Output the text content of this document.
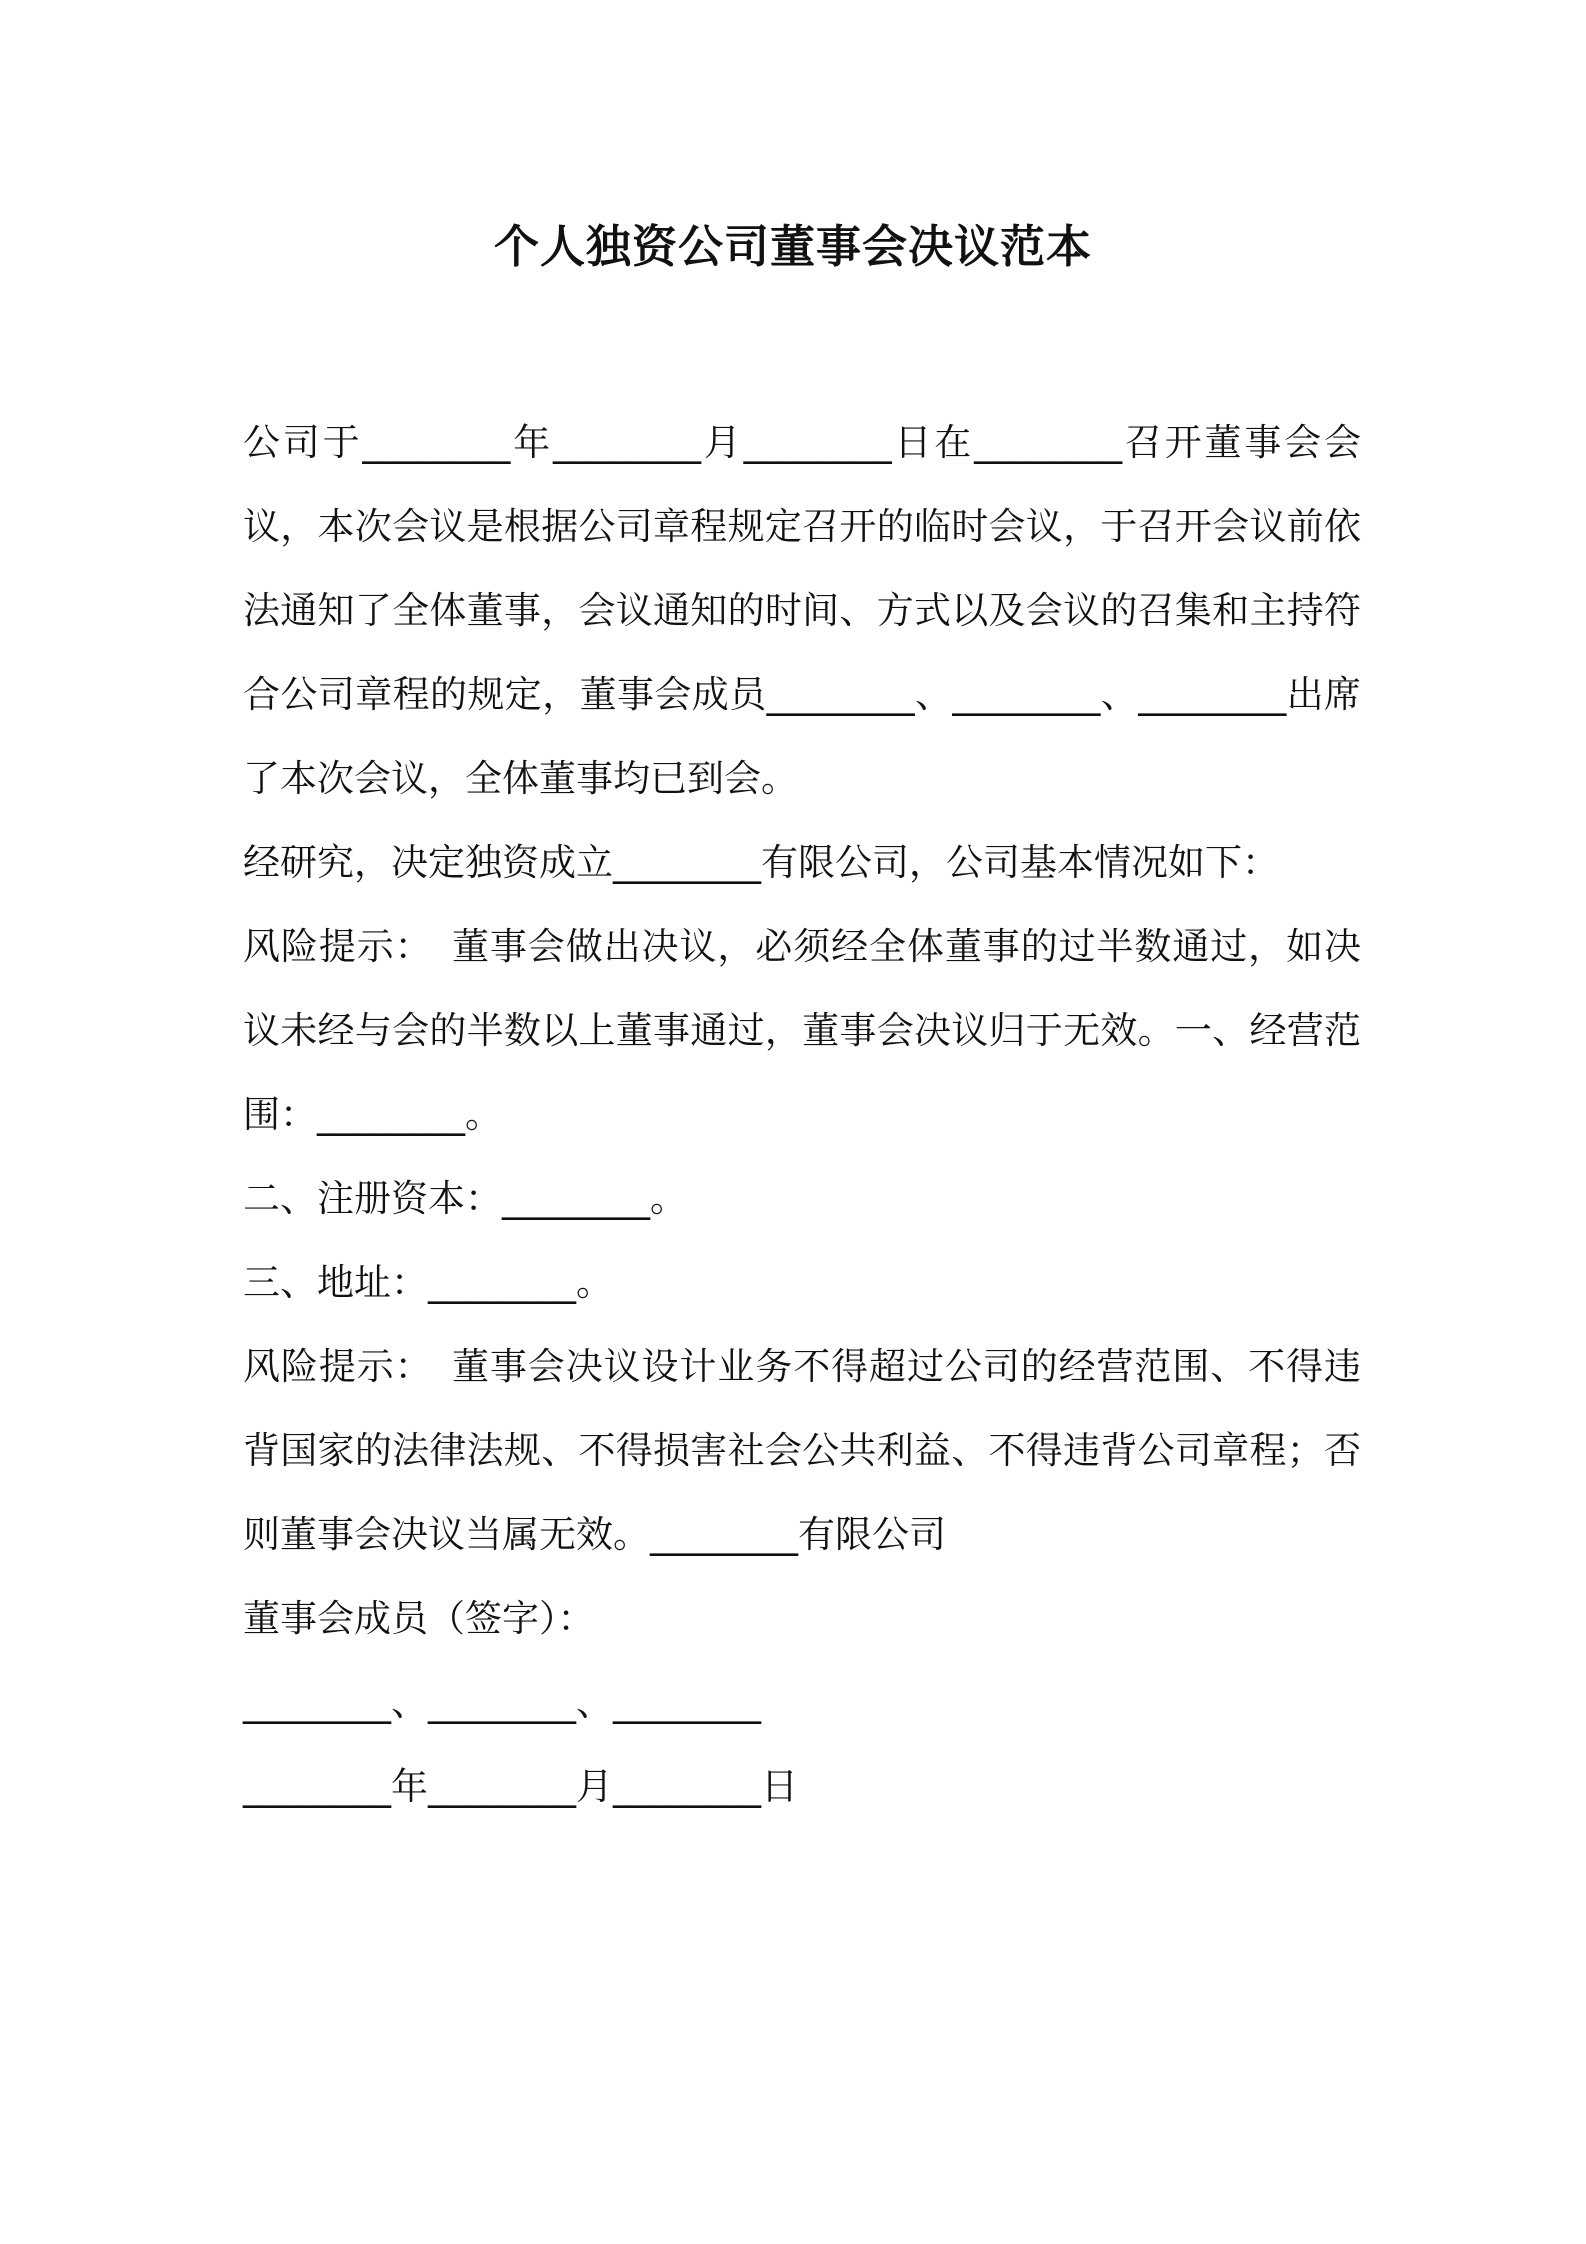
个人独资公司董事会决议范本

公司于________年________月________日在________召开董事会会议，本次会议是根据公司章程规定召开的临时会议，于召开会议前依法通知了全体董事，会议通知的时间、方式以及会议的召集和主持符合公司章程的规定，董事会成员________、________、________出席了本次会议，全体董事均已到会。

经研究，决定独资成立________有限公司，公司基本情况如下：

风险提示：　董事会做出决议，必须经全体董事的过半数通过，如决议未经与会的半数以上董事通过，董事会决议归于无效。一、经营范围：________。

二、注册资本：________。

三、地址：________。

风险提示：　董事会决议设计业务不得超过公司的经营范围、不得违背国家的法律法规、不得损害社会公共利益、不得违背公司章程；否则董事会决议当属无效。________有限公司

董事会成员（签字）：

________、________、________

________年________月________日
